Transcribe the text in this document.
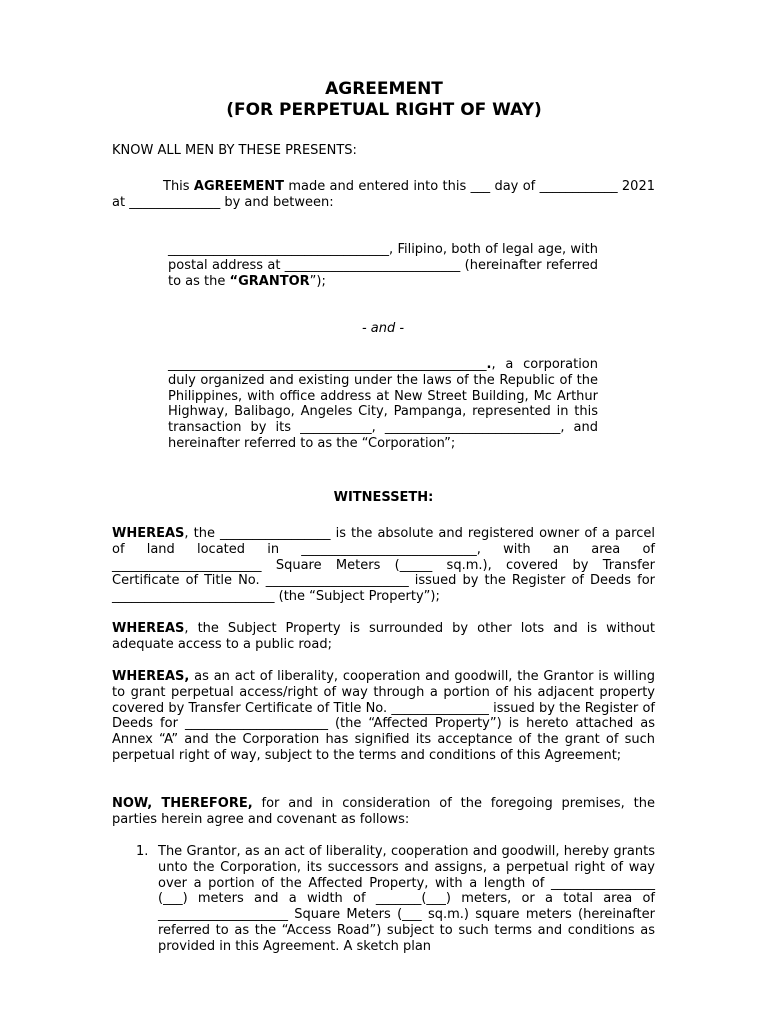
AGREEMENT
(FOR PERPETUAL RIGHT OF WAY)
KNOW ALL MEN BY THESE PRESENTS:

This AGREEMENT made and entered into this ___ day of ____________ 2021 at ______________ by and between:

__________________________________, Filipino, both of legal age, with postal address at ___________________________ (hereinafter referred to as the “GRANTOR”);

- and -

_________________________________________________., a corporation duly organized and existing under the laws of the Republic of the Philippines, with office address at New Street Building, Mc Arthur Highway, Balibago, Angeles City, Pampanga, represented in this transaction by its ___________, ___________________________, and hereinafter referred to as the “Corporation”;

WITNESSETH:

WHEREAS, the _________________ is the absolute and registered owner of a parcel of land located in ___________________________, with an area of _______________________ Square Meters (_____ sq.m.), covered by Transfer Certificate of Title No. ______________________ issued by the Register of Deeds for _________________________ (the “Subject Property”);

WHEREAS, the Subject Property is surrounded by other lots and is without adequate access to a public road;

WHEREAS, as an act of liberality, cooperation and goodwill, the Grantor is willing to grant perpetual access/right of way through a portion of his adjacent property covered by Transfer Certificate of Title No. _______________ issued by the Register of Deeds for ______________________ (the “Affected Property”) is hereto attached as Annex “A” and the Corporation has signified its acceptance of the grant of such perpetual right of way, subject to the terms and conditions of this Agreement;

NOW, THEREFORE, for and in consideration of the foregoing premises, the parties herein agree and covenant as follows:

1. The Grantor, as an act of liberality, cooperation and goodwill, hereby grants unto the Corporation, its successors and assigns, a perpetual right of way over a portion of the Affected Property, with a length of ________________ (___) meters and a width of _______(___) meters, or a total area of ____________________ Square Meters (___ sq.m.) square meters (hereinafter referred to as the “Access Road”) subject to such terms and conditions as provided in this Agreement. A sketch plan
